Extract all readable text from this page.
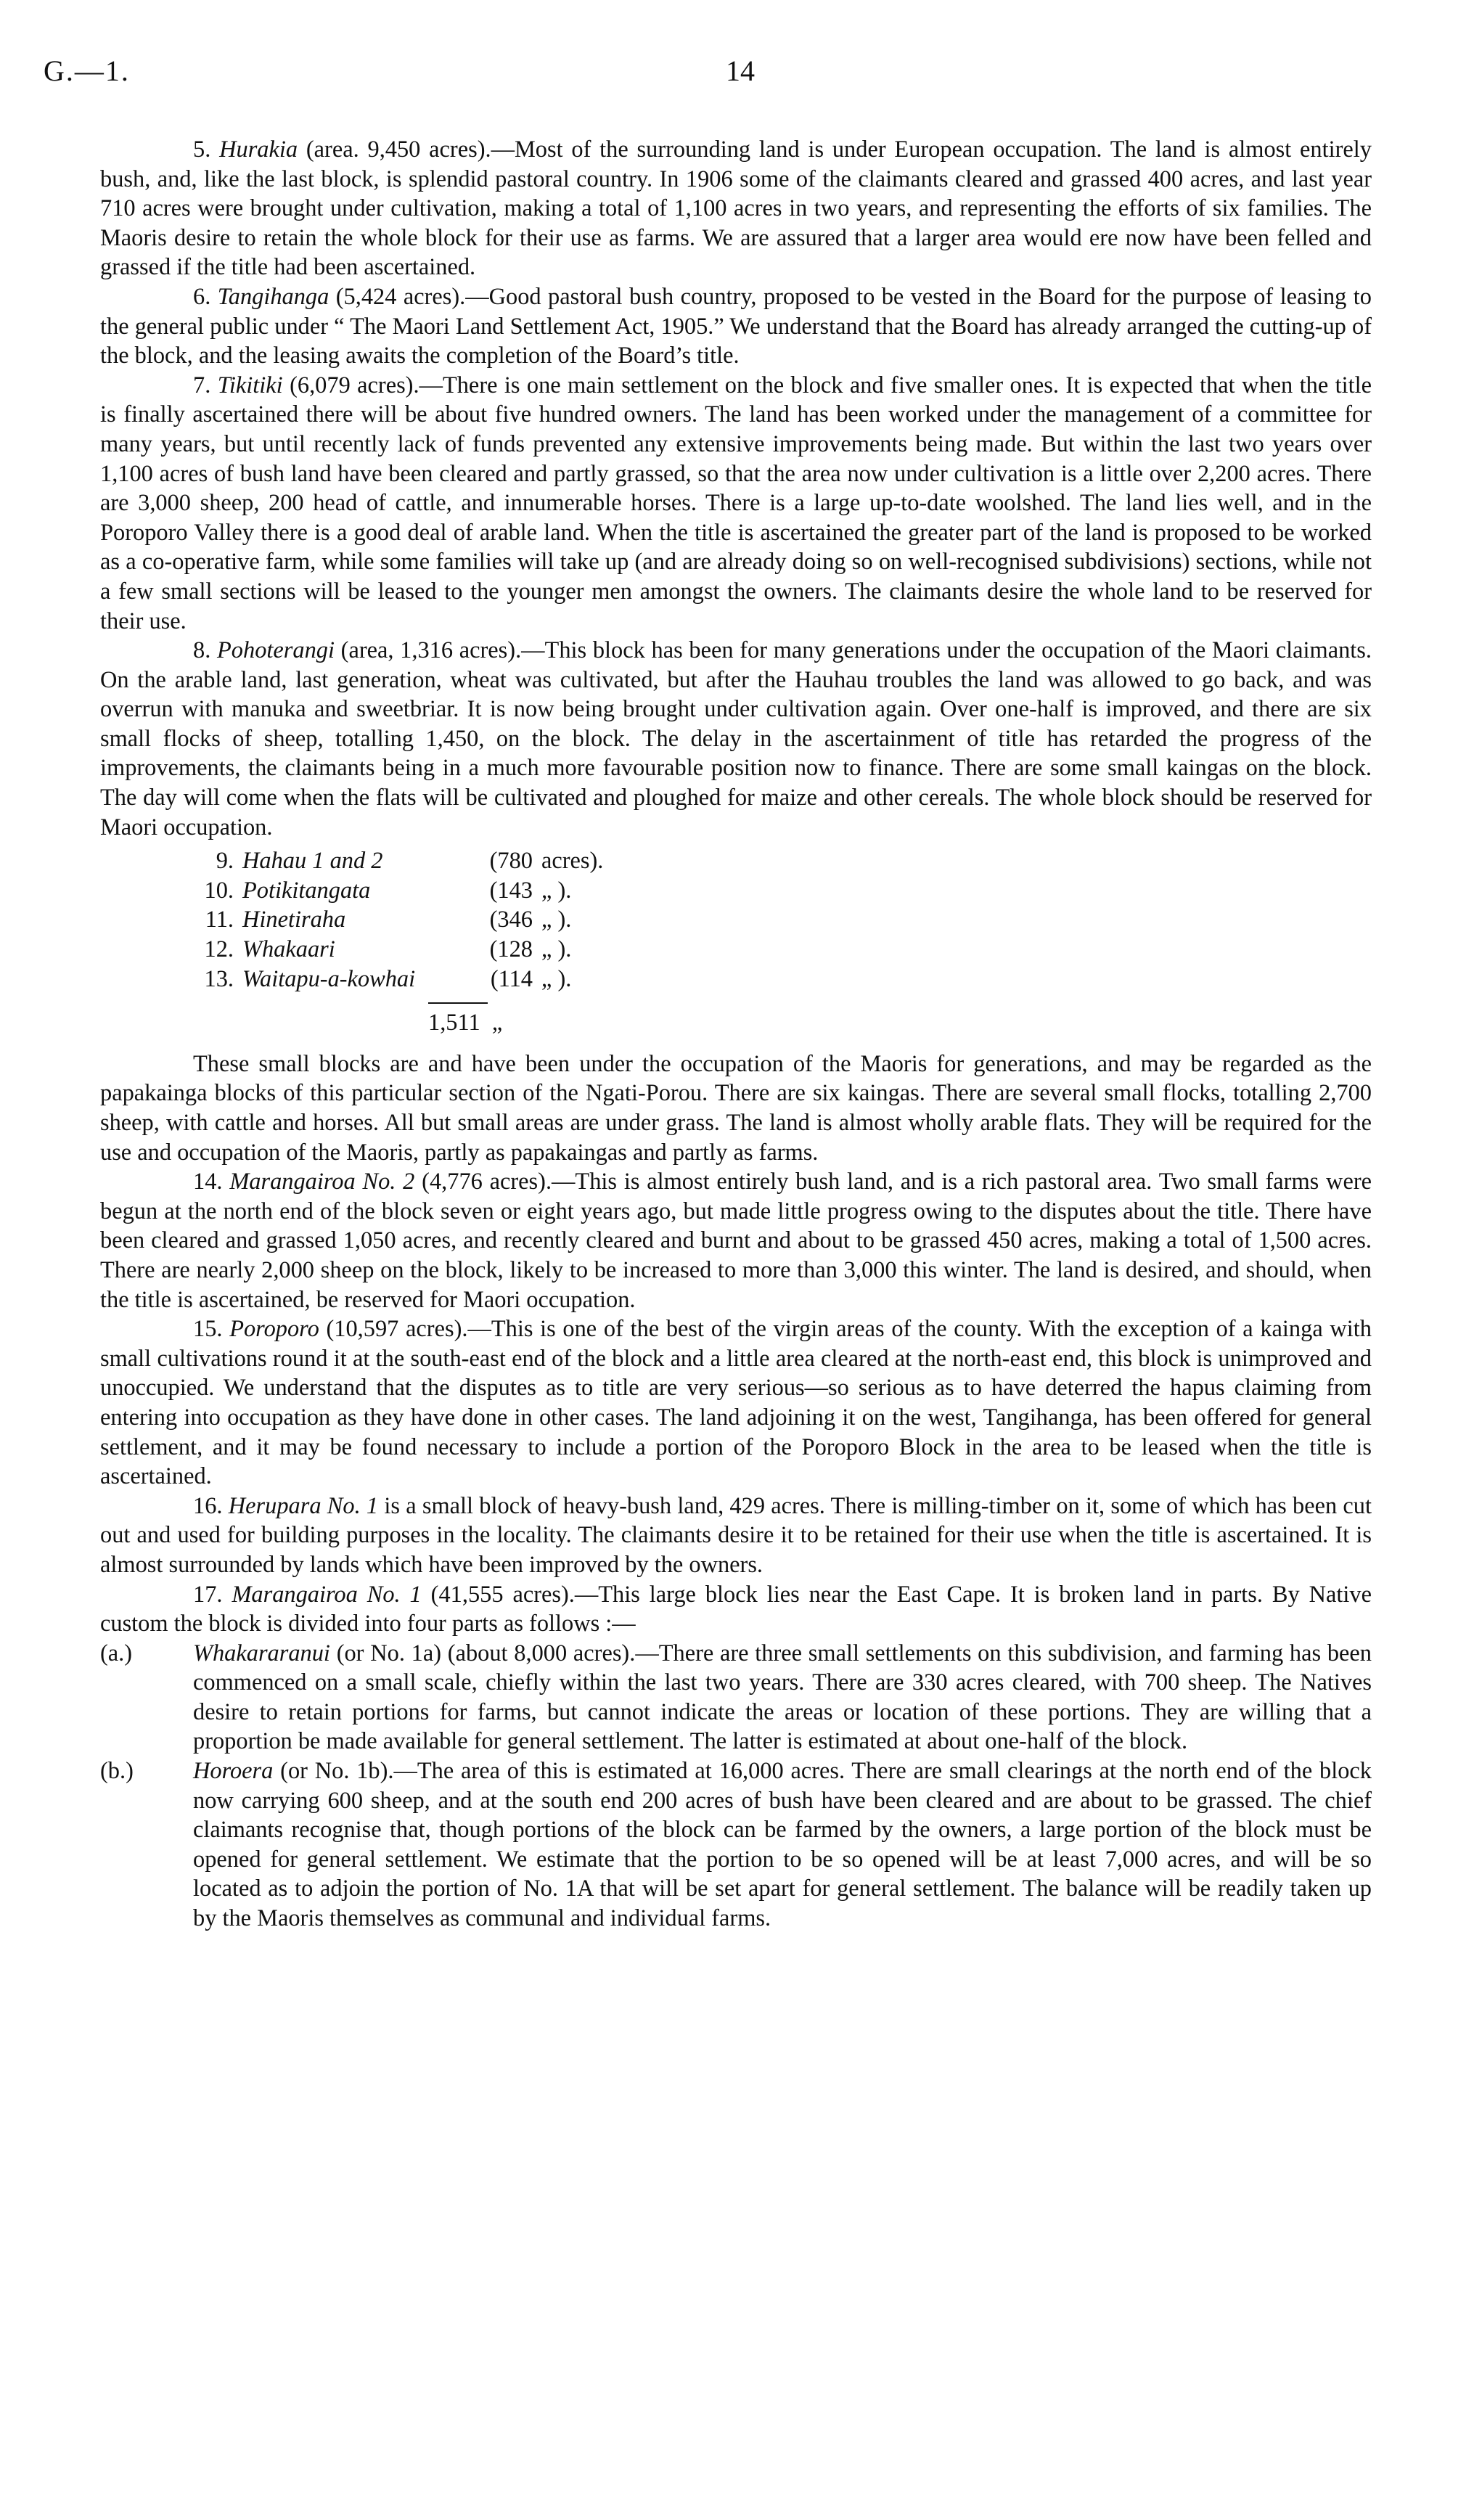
G.—1.	14

5. Hurakia (area. 9,450 acres).—Most of the surrounding land is under European occupation. The land is almost entirely bush, and, like the last block, is splendid pastoral country. In 1906 some of the claimants cleared and grassed 400 acres, and last year 710 acres were brought under cultivation, making a total of 1,100 acres in two years, and representing the efforts of six families. The Maoris desire to retain the whole block for their use as farms. We are assured that a larger area would ere now have been felled and grassed if the title had been ascertained.

6. Tangihanga (5,424 acres).—Good pastoral bush country, proposed to be vested in the Board for the purpose of leasing to the general public under “ The Maori Land Settlement Act, 1905.” We understand that the Board has already arranged the cutting-up of the block, and the leasing awaits the completion of the Board’s title.

7. Tikitiki (6,079 acres).—There is one main settlement on the block and five smaller ones. It is expected that when the title is finally ascertained there will be about five hundred owners. The land has been worked under the management of a committee for many years, but until recently lack of funds prevented any extensive improvements being made. But within the last two years over 1,100 acres of bush land have been cleared and partly grassed, so that the area now under cultivation is a little over 2,200 acres. There are 3,000 sheep, 200 head of cattle, and innumerable horses. There is a large up-to-date woolshed. The land lies well, and in the Poroporo Valley there is a good deal of arable land. When the title is ascertained the greater part of the land is proposed to be worked as a co-operative farm, while some families will take up (and are already doing so on well-recognised subdivisions) sections, while not a few small sections will be leased to the younger men amongst the owners. The claimants desire the whole land to be reserved for their use.

8. Pohoterangi (area, 1,316 acres).—This block has been for many generations under the occupation of the Maori claimants. On the arable land, last generation, wheat was cultivated, but after the Hauhau troubles the land was allowed to go back, and was overrun with manuka and sweetbriar. It is now being brought under cultivation again. Over one-half is improved, and there are six small flocks of sheep, totalling 1,450, on the block. The delay in the ascertainment of title has retarded the progress of the improvements, the claimants being in a much more favourable position now to finance. There are some small kaingas on the block. The day will come when the flats will be cultivated and ploughed for maize and other cereals. The whole block should be reserved for Maori occupation.

9.	Hahau 1 and 2	(780	acres).
10.	Potikitangata	(143	„ ).
11.	Hinetiraha	(346	„ ).
12.	Whakaari	(128	„ ).
13.	Waitapu-a-kowhai	(114	„ ).
1,511 „

These small blocks are and have been under the occupation of the Maoris for generations, and may be regarded as the papakainga blocks of this particular section of the Ngati-Porou. There are six kaingas. There are several small flocks, totalling 2,700 sheep, with cattle and horses. All but small areas are under grass. The land is almost wholly arable flats. They will be required for the use and occupation of the Maoris, partly as papakaingas and partly as farms.

14. Marangairoa No. 2 (4,776 acres).—This is almost entirely bush land, and is a rich pastoral area. Two small farms were begun at the north end of the block seven or eight years ago, but made little progress owing to the disputes about the title. There have been cleared and grassed 1,050 acres, and recently cleared and burnt and about to be grassed 450 acres, making a total of 1,500 acres. There are nearly 2,000 sheep on the block, likely to be increased to more than 3,000 this winter. The land is desired, and should, when the title is ascertained, be reserved for Maori occupation.

15. Poroporo (10,597 acres).—This is one of the best of the virgin areas of the county. With the exception of a kainga with small cultivations round it at the south-east end of the block and a little area cleared at the north-east end, this block is unimproved and unoccupied. We understand that the disputes as to title are very serious—so serious as to have deterred the hapus claiming from entering into occupation as they have done in other cases. The land adjoining it on the west, Tangihanga, has been offered for general settlement, and it may be found necessary to include a portion of the Poroporo Block in the area to be leased when the title is ascertained.

16. Herupara No. 1 is a small block of heavy-bush land, 429 acres. There is milling-timber on it, some of which has been cut out and used for building purposes in the locality. The claimants desire it to be retained for their use when the title is ascertained. It is almost surrounded by lands which have been improved by the owners.

17. Marangairoa No. 1 (41,555 acres).—This large block lies near the East Cape. It is broken land in parts. By Native custom the block is divided into four parts as follows :—

(a.)	Whakararanui (or No. 1a) (about 8,000 acres).—There are three small settlements on this subdivision, and farming has been commenced on a small scale, chiefly within the last two years. There are 330 acres cleared, with 700 sheep. The Natives desire to retain portions for farms, but cannot indicate the areas or location of these portions. They are willing that a proportion be made available for general settlement. The latter is estimated at about one-half of the block.

(b.)	Horoera (or No. 1b).—The area of this is estimated at 16,000 acres. There are small clearings at the north end of the block now carrying 600 sheep, and at the south end 200 acres of bush have been cleared and are about to be grassed. The chief claimants recognise that, though portions of the block can be farmed by the owners, a large portion of the block must be opened for general settlement. We estimate that the portion to be so opened will be at least 7,000 acres, and will be so located as to adjoin the portion of No. 1A that will be set apart for general settlement. The balance will be readily taken up by the Maoris themselves as communal and individual farms.
